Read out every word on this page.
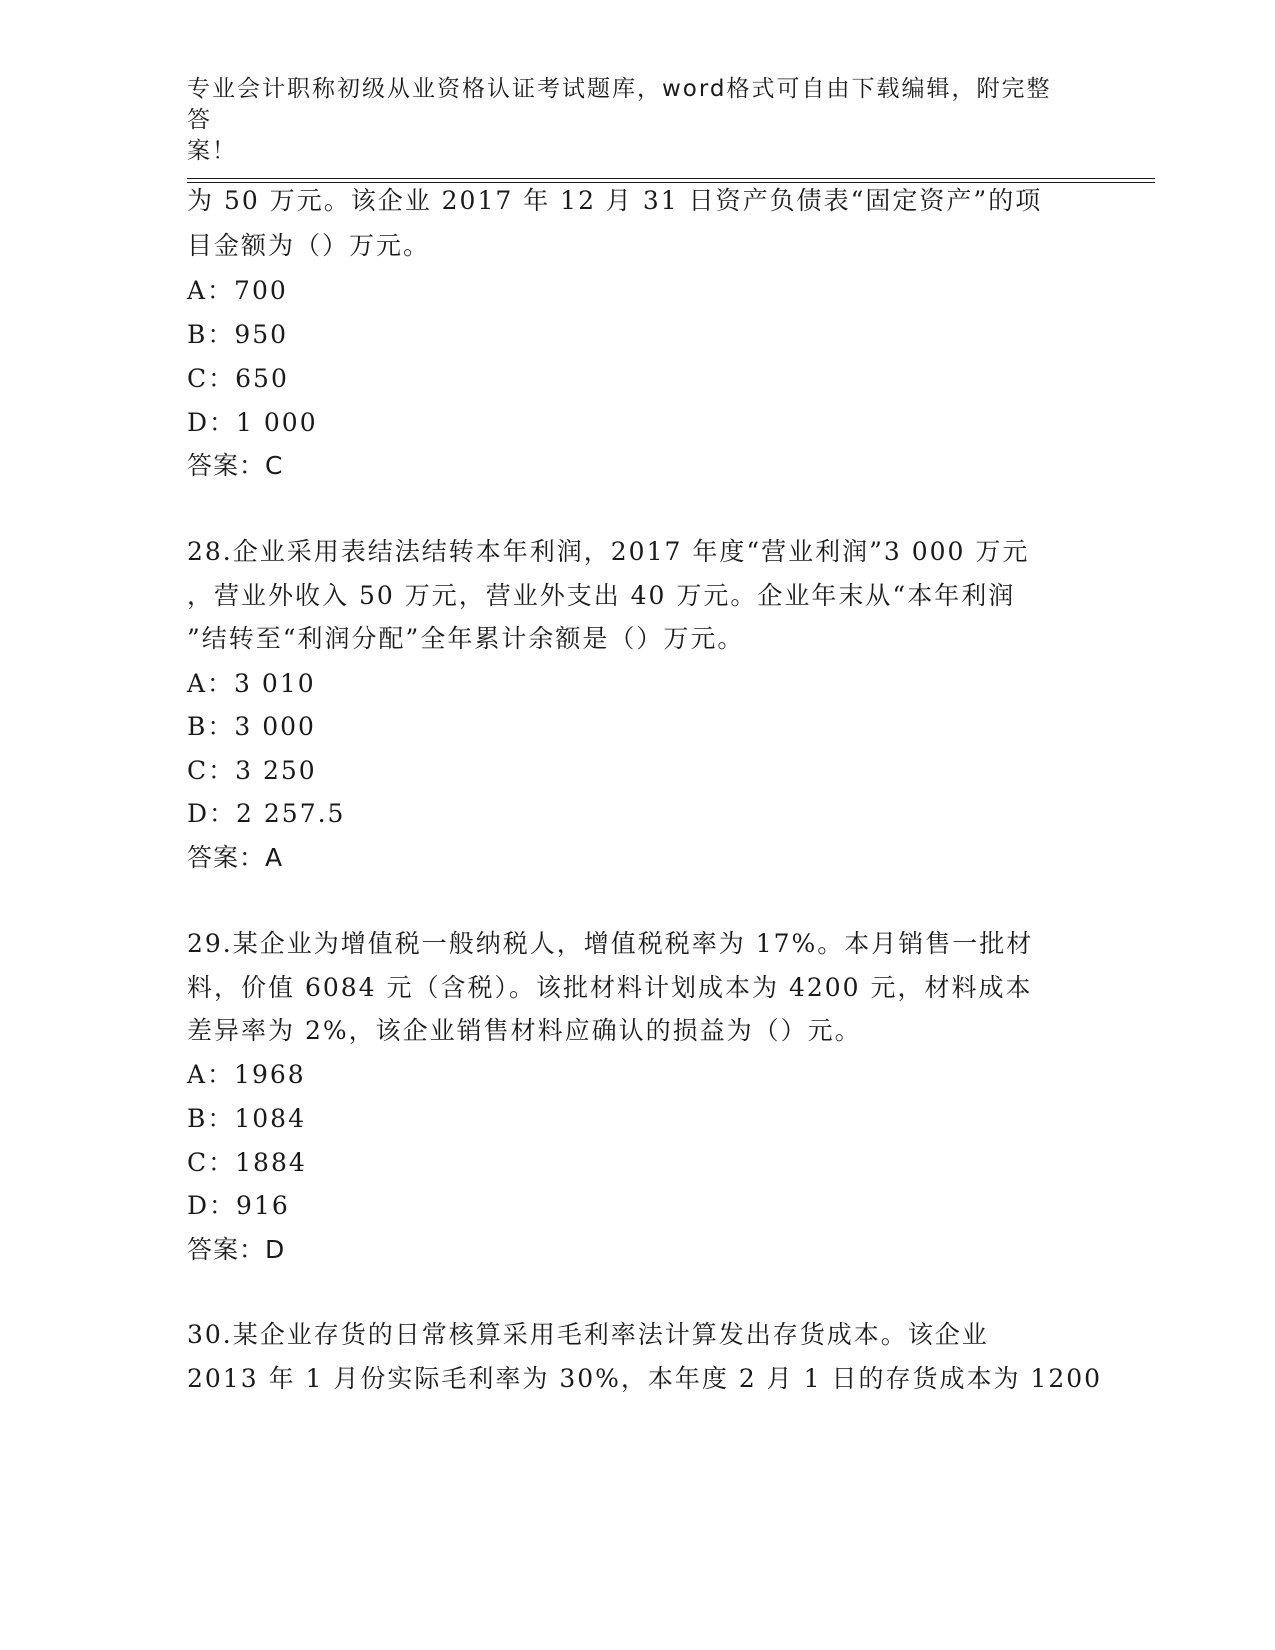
专业会计职称初级从业资格认证考试题库，word格式可自由下载编辑，附完整答
案！
为 50 万元。该企业 2017 年 12 月 31 日资产负债表“固定资产”的项
目金额为（）万元。
A：700
B：950
C：650
D：1 000
答案：C
28.企业采用表结法结转本年利润，2017 年度“营业利润”3 000 万元
，营业外收入 50 万元，营业外支出 40 万元。企业年末从“本年利润
”结转至“利润分配”全年累计余额是（）万元。
A：3 010
B：3 000
C：3 250
D：2 257.5
答案：A
29.某企业为增值税一般纳税人，增值税税率为 17%。本月销售一批材
料，价值 6084 元（含税）。该批材料计划成本为 4200 元，材料成本
差异率为 2%，该企业销售材料应确认的损益为（）元。
A：1968
B：1084
C：1884
D：916
答案：D
30.某企业存货的日常核算采用毛利率法计算发出存货成本。该企业
2013 年 1 月份实际毛利率为 30%，本年度 2 月 1 日的存货成本为 1200
